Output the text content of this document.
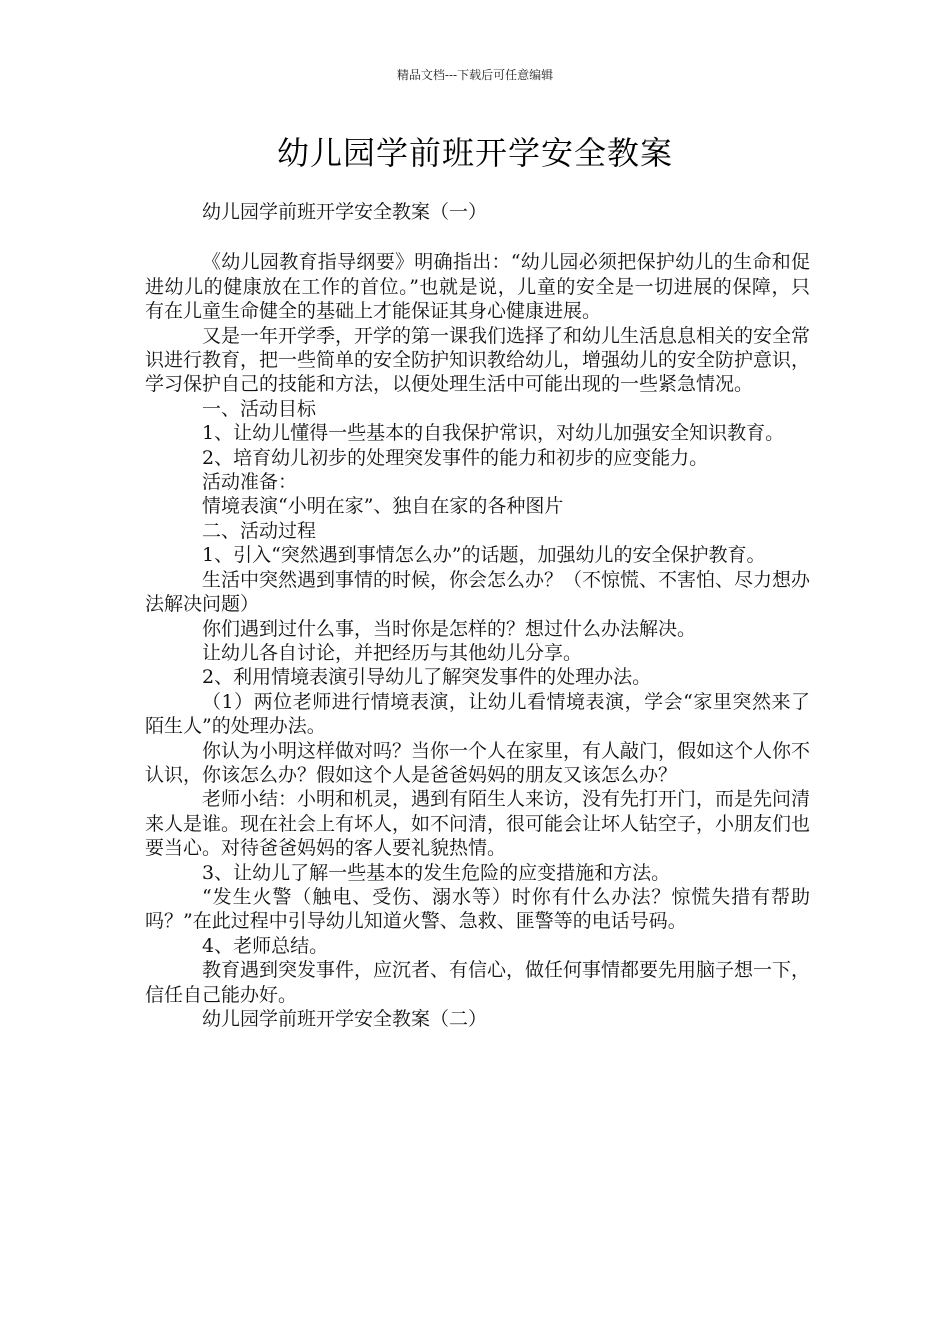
精品文档---下载后可任意编辑
幼儿园学前班开学安全教案

幼儿园学前班开学安全教案（一）

《幼儿园教育指导纲要》明确指出：“幼儿园必须把保护幼儿的生命和促进幼儿的健康放在工作的首位。”也就是说，儿童的安全是一切进展的保障，只有在儿童生命健全的基础上才能保证其身心健康进展。

又是一年开学季，开学的第一课我们选择了和幼儿生活息息相关的安全常识进行教育，把一些简单的安全防护知识教给幼儿，增强幼儿的安全防护意识，学习保护自己的技能和方法，以便处理生活中可能出现的一些紧急情况。

一、活动目标

1、让幼儿懂得一些基本的自我保护常识，对幼儿加强安全知识教育。

2、培育幼儿初步的处理突发事件的能力和初步的应变能力。

活动准备：

情境表演“小明在家”、独自在家的各种图片

二、活动过程

1、引入“突然遇到事情怎么办”的话题，加强幼儿的安全保护教育。

生活中突然遇到事情的时候，你会怎么办？（不惊慌、不害怕、尽力想办法解决问题）

你们遇到过什么事，当时你是怎样的？想过什么办法解决。

让幼儿各自讨论，并把经历与其他幼儿分享。

2、利用情境表演引导幼儿了解突发事件的处理办法。

（1）两位老师进行情境表演，让幼儿看情境表演，学会“家里突然来了陌生人”的处理办法。

你认为小明这样做对吗？当你一个人在家里，有人敲门，假如这个人你不认识，你该怎么办？假如这个人是爸爸妈妈的朋友又该怎么办？

老师小结：小明和机灵，遇到有陌生人来访，没有先打开门，而是先问清来人是谁。现在社会上有坏人，如不问清，很可能会让坏人钻空子，小朋友们也要当心。对待爸爸妈妈的客人要礼貌热情。

3、让幼儿了解一些基本的发生危险的应变措施和方法。

“发生火警（触电、受伤、溺水等）时你有什么办法？惊慌失措有帮助吗？”在此过程中引导幼儿知道火警、急救、匪警等的电话号码。

4、老师总结。

教育遇到突发事件，应沉者、有信心，做任何事情都要先用脑子想一下，信任自己能办好。

幼儿园学前班开学安全教案（二）
